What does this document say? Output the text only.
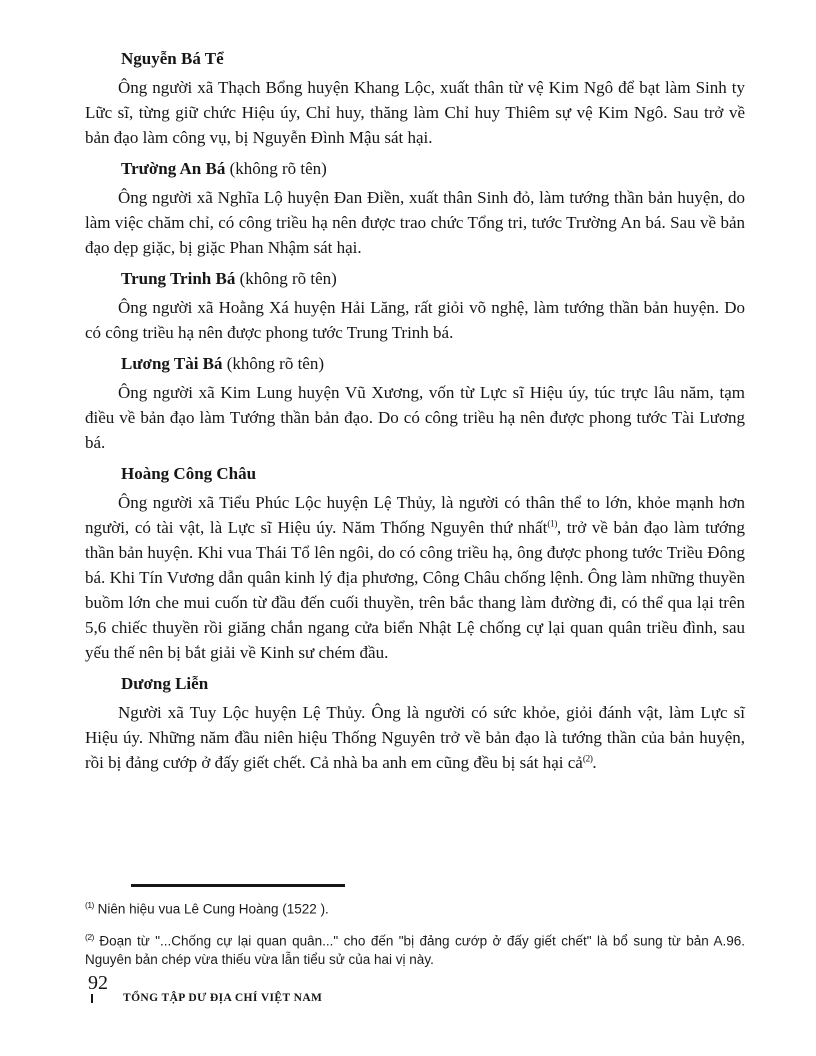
Nguyễn Bá Tể

Ông người xã Thạch Bổng huyện Khang Lộc, xuất thân từ vệ Kim Ngô để bạt làm Sinh ty Lữc sĩ, từng giữ chức Hiệu úy, Chỉ huy, thăng làm Chỉ huy Thiêm sự vệ Kim Ngô. Sau trở về bản đạo làm công vụ, bị Nguyễn Đình Mậu sát hại.

Trường An Bá (không rõ tên)

Ông người xã Nghĩa Lộ huyện Đan Điền, xuất thân Sinh đỏ, làm tướng thần bản huyện, do làm việc chăm chỉ, có công triều hạ nên được trao chức Tổng tri, tước Trường An bá. Sau về bản đạo dẹp giặc, bị giặc Phan Nhậm sát hại.

Trung Trinh Bá (không rõ tên)

Ông người xã Hoằng Xá huyện Hải Lăng, rất giỏi võ nghệ, làm tướng thần bản huyện. Do có công triều hạ nên được phong tước Trung Trinh bá.

Lương Tài Bá (không rõ tên)

Ông người xã Kim Lung huyện Vũ Xương, vốn từ Lực sĩ Hiệu úy, túc trực lâu năm, tạm điều về bản đạo làm Tướng thần bản đạo. Do có công triều hạ nên được phong tước Tài Lương bá.

Hoàng Công Châu

Ông người xã Tiểu Phúc Lộc huyện Lệ Thủy, là người có thân thể to lớn, khỏe mạnh hơn người, có tài vật, là Lực sĩ Hiệu úy. Năm Thống Nguyên thứ nhất$^{(1)}$, trở về bản đạo làm tướng thần bản huyện. Khi vua Thái Tổ lên ngôi, do có công triều hạ, ông được phong tước Triều Đông bá. Khi Tín Vương dẫn quân kinh lý địa phương, Công Châu chống lệnh. Ông làm những thuyền buồm lớn che mui cuốn từ đầu đến cuối thuyền, trên bắc thang làm đường đi, có thể qua lại trên 5,6 chiếc thuyền rồi giăng chắn ngang cửa biển Nhật Lệ chống cự lại quan quân triều đình, sau yếu thế nên bị bắt giải về Kinh sư chém đầu.

Dương Liễn

Người xã Tuy Lộc huyện Lệ Thủy. Ông là người có sức khỏe, giỏi đánh vật, làm Lực sĩ Hiệu úy. Những năm đầu niên hiệu Thống Nguyên trở về bản đạo là tướng thần của bản huyện, rồi bị đảng cướp ở đấy giết chết. Cả nhà ba anh em cũng đều bị sát hại cả$^{(2)}$.

$^{(1)}$ Niên hiệu vua Lê Cung Hoàng (1522 ).
$^{(2)}$ Đoạn từ "...Chống cự lại quan quân..." cho đến "bị đảng cướp ở đấy giết chết" là bổ sung từ bản A.96. Nguyên bản chép vừa thiếu vừa lẫn tiểu sử của hai vị này.
92
TỔNG TẬP DƯ ĐỊA CHÍ VIỆT NAM
